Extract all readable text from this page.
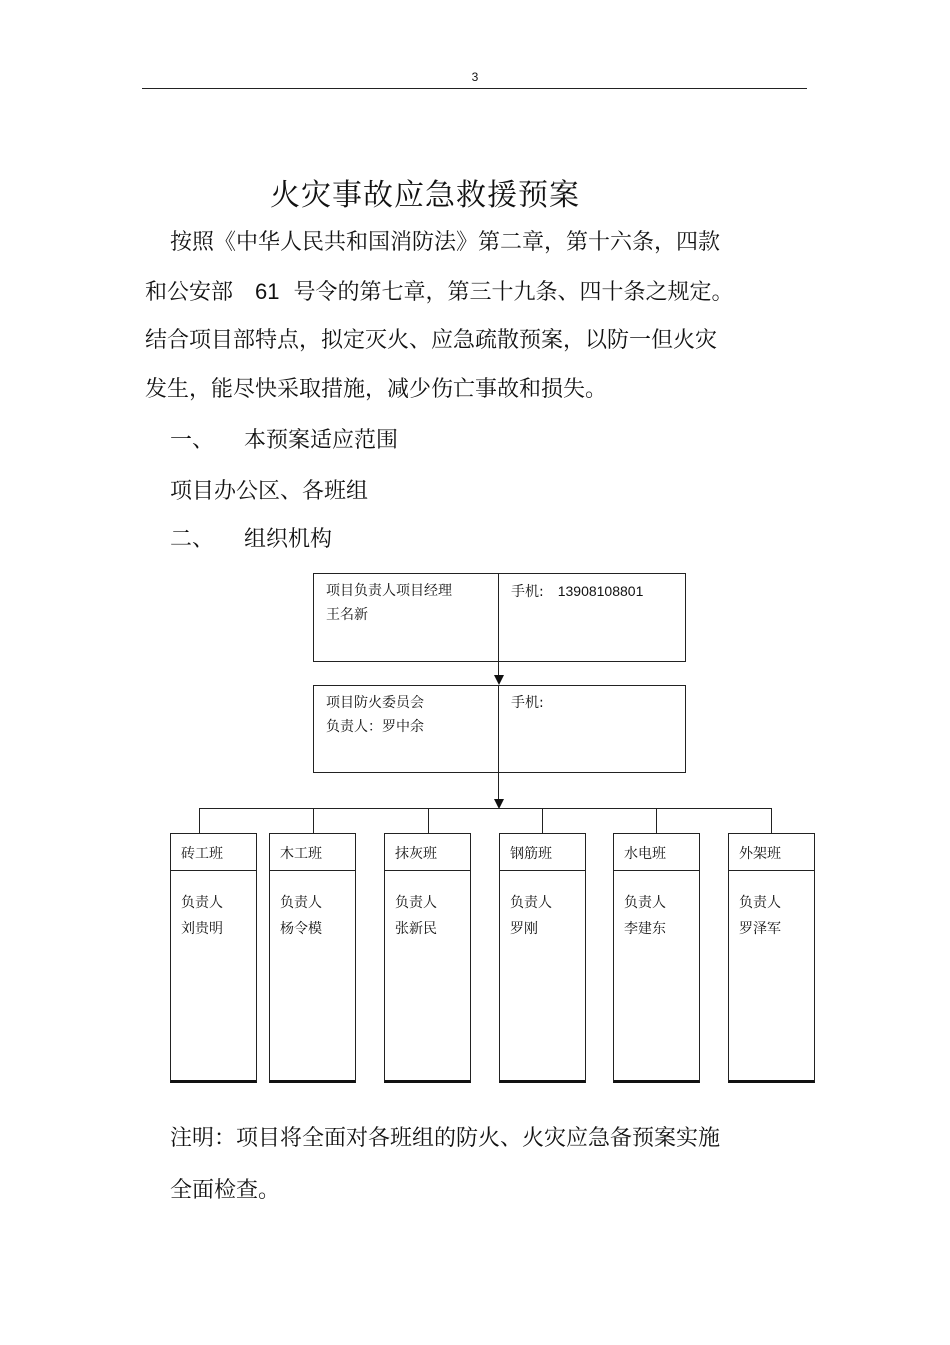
3
火灾事故应急救援预案
按照《中华人民共和国消防法》第二章，第十六条，四款
和公安部 61 号令的第七章，第三十九条、四十条之规定。
结合项目部特点，拟定灭火、应急疏散预案，以防一但火灾
发生，能尽快采取措施，减少伤亡事故和损失。
一、 本预案适应范围
项目办公区、各班组
二、 组织机构
项目负责人项目经理
王名新
手机: 13908108801
项目防火委员会
负责人：罗中余
手机:
砖工班
负责人
刘贵明
木工班
负责人
杨令模
抹灰班
负责人
张新民
钢筋班
负责人
罗刚
水电班
负责人
李建东
外架班
负责人
罗泽军
注明：项目将全面对各班组的防火、火灾应急备预案实施
全面检查。
